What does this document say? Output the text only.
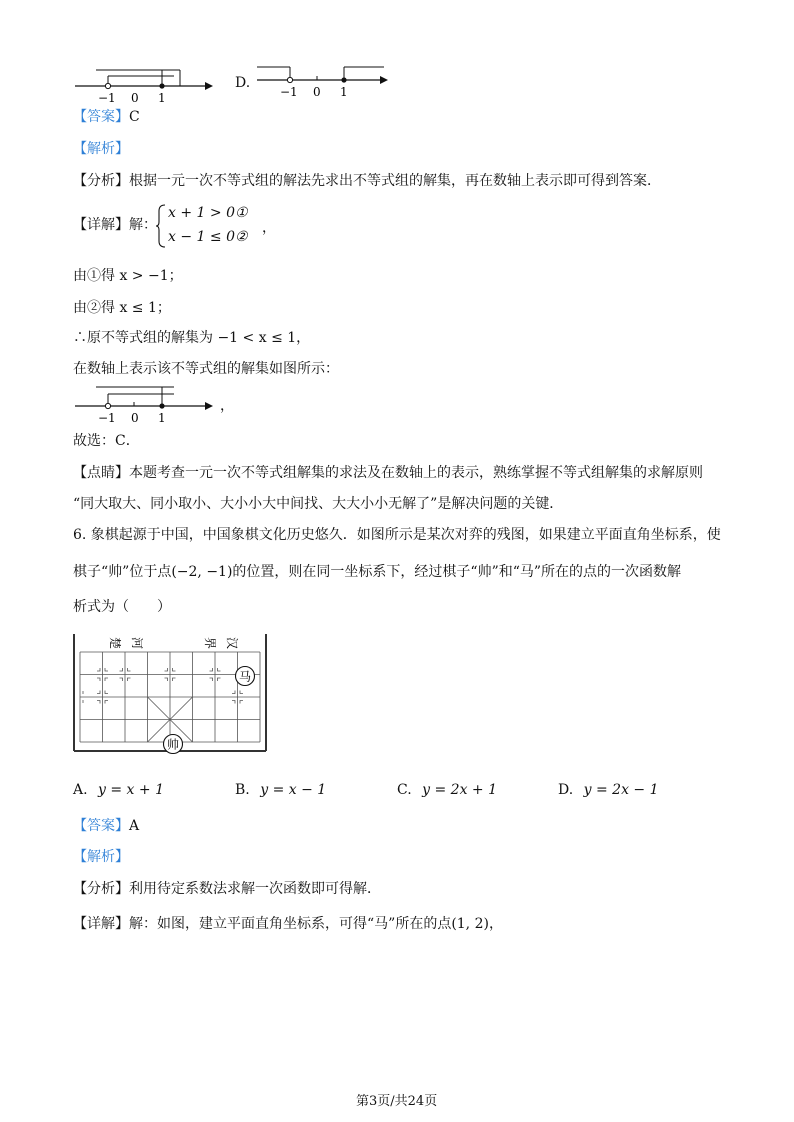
−1 0 1
D.
−1 0 1
【答案】C
【解析】
【分析】根据一元一次不等式组的解法先求出不等式组的解集，再在数轴上表示即可得到答案．
【详解】解：
x + 1 > 0①
x − 1 ≤ 0②
，
由①得 x > −1；
由②得 x ≤ 1；
∴原不等式组的解集为 −1 < x ≤ 1，
在数轴上表示该不等式组的解集如图所示：
−1 0 1
，
故选：C．
【点睛】本题考查一元一次不等式组解集的求法及在数轴上的表示，熟练掌握不等式组解集的求解原则
“同大取大、同小取小、大小小大中间找、大大小小无解了”是解决问题的关键．
6. 象棋起源于中国，中国象棋文化历史悠久．如图所示是某次对弈的残图，如果建立平面直角坐标系，使
棋子“帅”位于点(−2, −1)的位置，则在同一坐标系下，经过棋子“帅”和“马”所在的点的一次函数解
析式为（　　）
楚 河	界 汉
马
帅
A. y = x + 1	B. y = x − 1	C. y = 2x + 1	D. y = 2x − 1
【答案】A
【解析】
【分析】利用待定系数法求解一次函数即可得解．
【详解】解：如图，建立平面直角坐标系，可得“马”所在的点(1, 2)，
第3页/共24页
